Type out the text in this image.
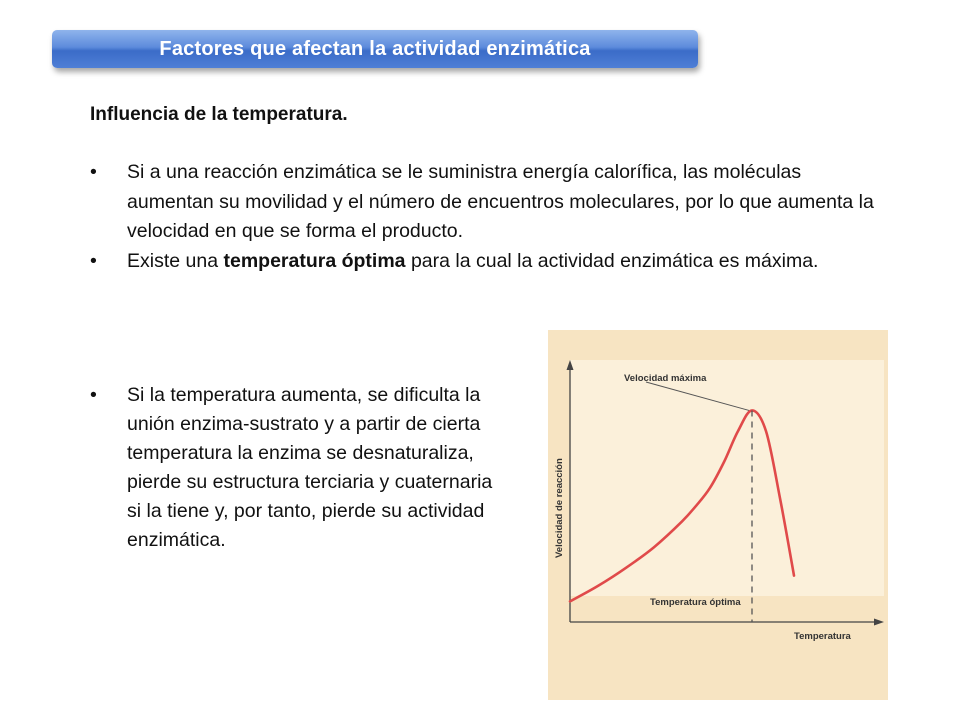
Factores que afectan la actividad enzimática
Influencia de la temperatura.
• Si a una reacción enzimática se le suministra energía calorífica, las moléculas aumentan su movilidad y el número de encuentros moleculares, por lo que aumenta la velocidad en que se forma el producto.
• Existe una temperatura óptima para la cual la actividad enzimática es máxima.
• Si la temperatura aumenta, se dificulta la unión enzima-sustrato y a partir de cierta temperatura la enzima se desnaturaliza, pierde su estructura terciaria y cuaternaria si la tiene y, por tanto, pierde su actividad enzimática.
Velocidad máxima
Temperatura óptima
Temperatura
Velocidad de reacción
